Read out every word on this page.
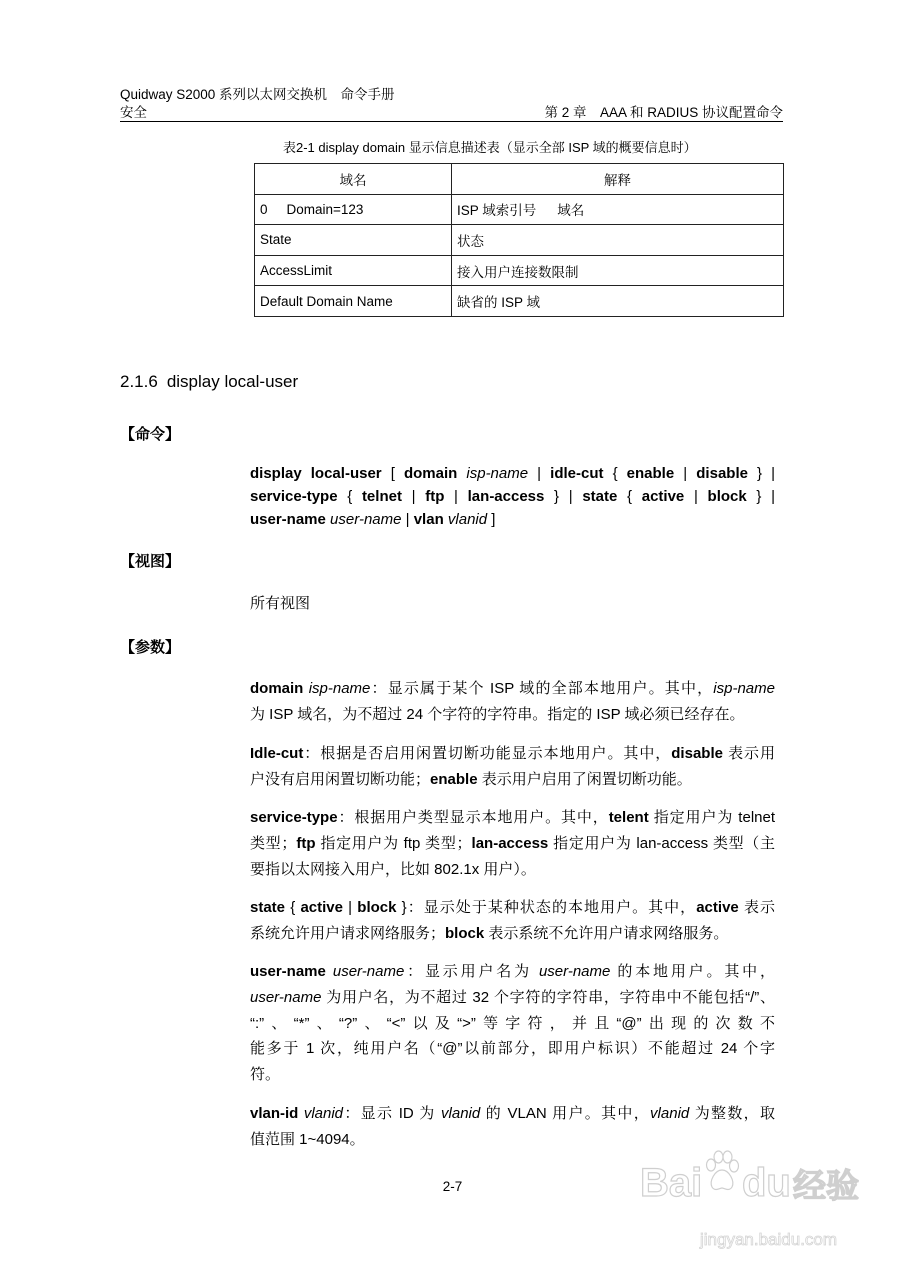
Quidway S2000 系列以太网交换机　命令手册
安全	第 2 章　AAA 和 RADIUS 协议配置命令
表2-1 display domain 显示信息描述表（显示全部 ISP 域的概要信息时）
域名	解释
0 Domain=123	ISP 域索引号 域名
State	状态
AccessLimit	接入用户连接数限制
Default Domain Name	缺省的 ISP 域
2.1.6 display local-user
【命令】
display local-user [ domain isp-name | idle-cut { enable | disable } |
service-type { telnet | ftp | lan-access } | state { active | block } |
user-name user-name | vlan vlanid ]
【视图】
所有视图
【参数】
domain isp-name：显示属于某个 ISP 域的全部本地用户。其中，isp-name
为 ISP 域名，为不超过 24 个字符的字符串。指定的 ISP 域必须已经存在。
Idle-cut：根据是否启用闲置切断功能显示本地用户。其中，disable 表示用
户没有启用闲置切断功能；enable 表示用户启用了闲置切断功能。
service-type：根据用户类型显示本地用户。其中，telent 指定用户为 telnet
类型；ftp 指定用户为 ftp 类型；lan-access 指定用户为 lan-access 类型（主
要指以太网接入用户，比如 802.1x 用户）。
state { active | block }：显示处于某种状态的本地用户。其中，active 表示
系统允许用户请求网络服务；block 表示系统不允许用户请求网络服务。
user-name user-name：显示用户名为 user-name 的本地用户。其中，
user-name 为用户名，为不超过 32 个字符的字符串，字符串中不能包括“/”、
“:”、“*”、“?”、“<”以及“>”等字符，并且“@”出现的次数不
能多于 1 次，纯用户名（“@”以前部分，即用户标识）不能超过 24 个字
符。
vlan-id vlanid：显示 ID 为 vlanid 的 VLAN 用户。其中，vlanid 为整数，取
值范围 1~4094。
2-7	Bai du 经验
jingyan.baidu.com
